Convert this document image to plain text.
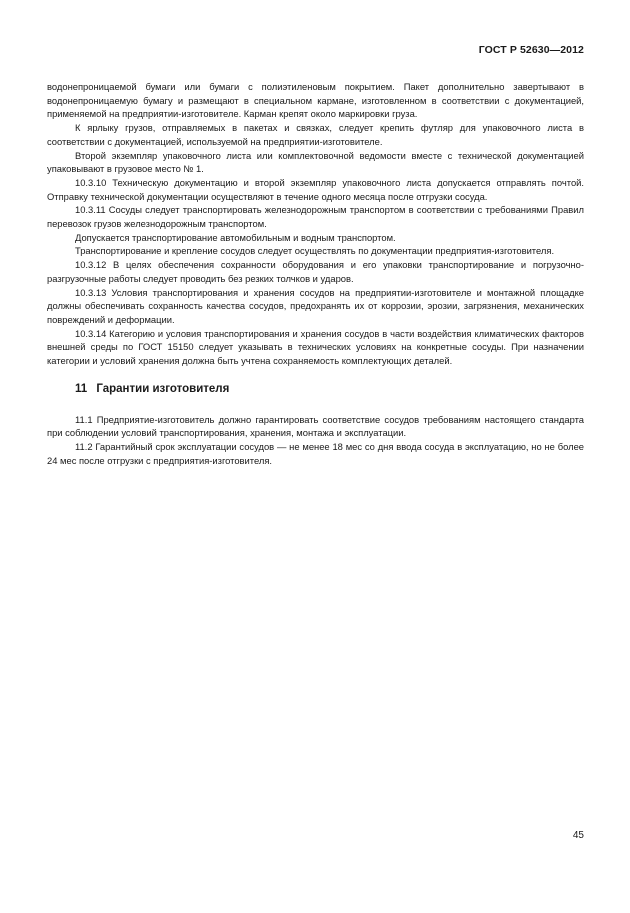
ГОСТ Р 52630—2012

водонепроницаемой бумаги или бумаги с полиэтиленовым покрытием. Пакет дополнительно завертывают в водонепроницаемую бумагу и размещают в специальном кармане, изготовленном в соответствии с документацией, применяемой на предприятии-изготовителе. Карман крепят около маркировки груза.

К ярлыку грузов, отправляемых в пакетах и связках, следует крепить футляр для упаковочного листа в соответствии с документацией, используемой на предприятии-изготовителе.

Второй экземпляр упаковочного листа или комплектовочной ведомости вместе с технической документацией упаковывают в грузовое место № 1.

10.3.10 Техническую документацию и второй экземпляр упаковочного листа допускается отправлять почтой. Отправку технической документации осуществляют в течение одного месяца после отгрузки сосуда.

10.3.11 Сосуды следует транспортировать железнодорожным транспортом в соответствии с требованиями Правил перевозок грузов железнодорожным транспортом.

Допускается транспортирование автомобильным и водным транспортом.

Транспортирование и крепление сосудов следует осуществлять по документации предприятия-изготовителя.

10.3.12 В целях обеспечения сохранности оборудования и его упаковки транспортирование и погрузочно-разгрузочные работы следует проводить без резких толчков и ударов.

10.3.13 Условия транспортирования и хранения сосудов на предприятии-изготовителе и монтажной площадке должны обеспечивать сохранность качества сосудов, предохранять их от коррозии, эрозии, загрязнения, механических повреждений и деформации.

10.3.14 Категорию и условия транспортирования и хранения сосудов в части воздействия климатических факторов внешней среды по ГОСТ 15150 следует указывать в технических условиях на конкретные сосуды. При назначении категории и условий хранения должна быть учтена сохраняемость комплектующих деталей.

11 Гарантии изготовителя

11.1 Предприятие-изготовитель должно гарантировать соответствие сосудов требованиям настоящего стандарта при соблюдении условий транспортирования, хранения, монтажа и эксплуатации.

11.2 Гарантийный срок эксплуатации сосудов — не менее 18 мес со дня ввода сосуда в эксплуатацию, но не более 24 мес после отгрузки с предприятия-изготовителя.

45
